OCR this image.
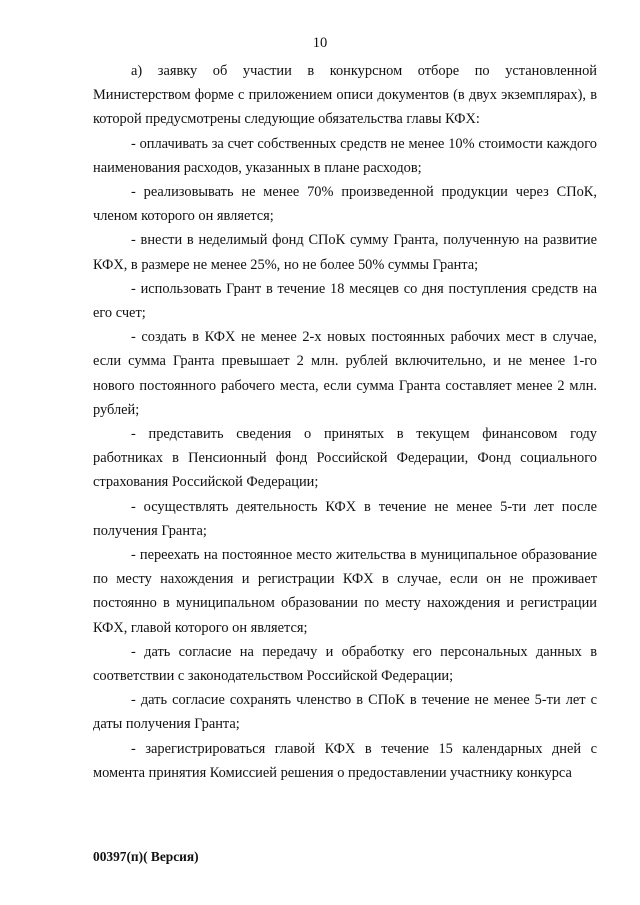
10

а) заявку об участии в конкурсном отборе по установленной Министерством форме с приложением описи документов (в двух экземплярах), в которой предусмотрены следующие обязательства главы КФХ:

- оплачивать за счет собственных средств не менее 10% стоимости каждого наименования расходов, указанных в плане расходов;

- реализовывать не менее 70% произведенной продукции через СПоК, членом которого он является;

- внести в неделимый фонд СПоК сумму Гранта, полученную на развитие КФХ, в размере не менее 25%, но не более 50% суммы Гранта;

- использовать Грант в течение 18 месяцев со дня поступления средств на его счет;

- создать в КФХ не менее 2-х новых постоянных рабочих мест в случае, если сумма Гранта превышает 2 млн. рублей включительно, и не менее 1-го нового постоянного рабочего места, если сумма Гранта составляет менее 2 млн. рублей;

- представить сведения о принятых в текущем финансовом году работниках в Пенсионный фонд Российской Федерации, Фонд социального страхования Российской Федерации;

- осуществлять деятельность КФХ в течение не менее 5-ти лет после получения Гранта;

- переехать на постоянное место жительства в муниципальное образование по месту нахождения и регистрации КФХ в случае, если он не проживает постоянно в муниципальном образовании по месту нахождения и регистрации КФХ, главой которого он является;

- дать согласие на передачу и обработку его персональных данных в соответствии с законодательством Российской Федерации;

- дать согласие сохранять членство в СПоК в течение не менее 5-ти лет с даты получения Гранта;

- зарегистрироваться главой КФХ в течение 15 календарных дней с момента принятия Комиссией решения о предоставлении участнику конкурса

00397(п)( Версия)
